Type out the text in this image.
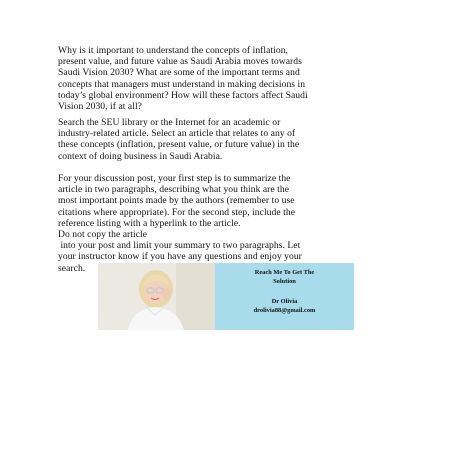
Why is it important to understand the concepts of inflation,
present value, and future value as Saudi Arabia moves towards
Saudi Vision 2030? What are some of the important terms and
concepts that managers must understand in making decisions in
today’s global environment? How will these factors affect Saudi
Vision 2030, if at all?
Search the SEU library or the Internet for an academic or
industry-related article. Select an article that relates to any of
these concepts (inflation, present value, or future value) in the
context of doing business in Saudi Arabia.
For your discussion post, your first step is to summarize the
article in two paragraphs, describing what you think are the
most important points made by the authors (remember to use
citations where appropriate). For the second step, include the
reference listing with a hyperlink to the article.
Do not copy the article
into your post and limit your summary to two paragraphs. Let
your instructor know if you have any questions and enjoy your
search.	Reach Me To Get The
Solution
Dr Olivia
drolivia88@gmail.com
